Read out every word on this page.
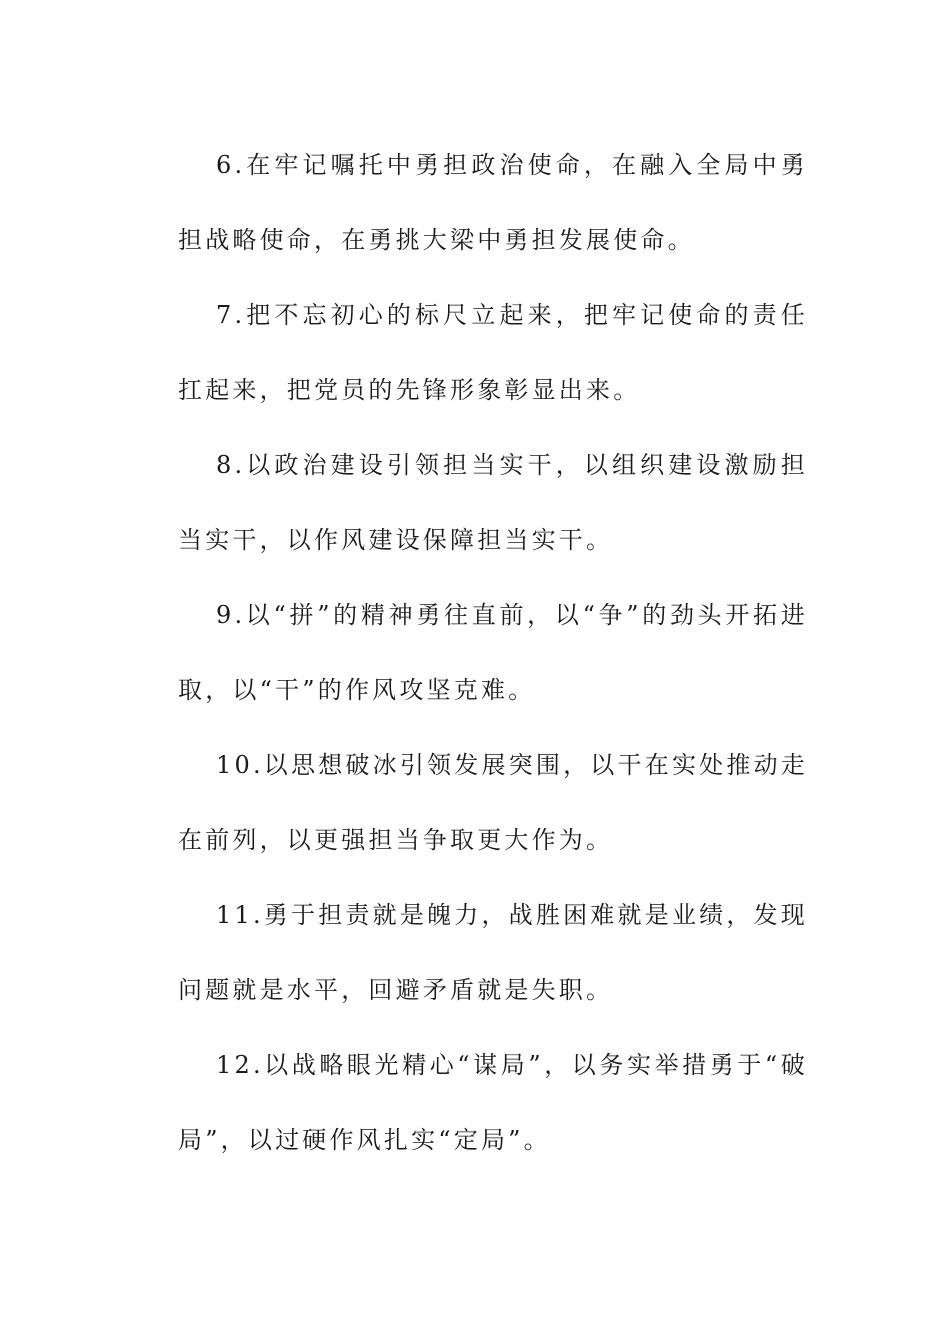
6.在牢记嘱托中勇担政治使命，在融入全局中勇担战略使命，在勇挑大梁中勇担发展使命。

7.把不忘初心的标尺立起来，把牢记使命的责任扛起来，把党员的先锋形象彰显出来。

8.以政治建设引领担当实干，以组织建设激励担当实干，以作风建设保障担当实干。

9.以“拼”的精神勇往直前，以“争”的劲头开拓进取，以“干”的作风攻坚克难。

10.以思想破冰引领发展突围，以干在实处推动走在前列，以更强担当争取更大作为。

11.勇于担责就是魄力，战胜困难就是业绩，发现问题就是水平，回避矛盾就是失职。

12.以战略眼光精心“谋局”，以务实举措勇于“破局”，以过硬作风扎实“定局”。
